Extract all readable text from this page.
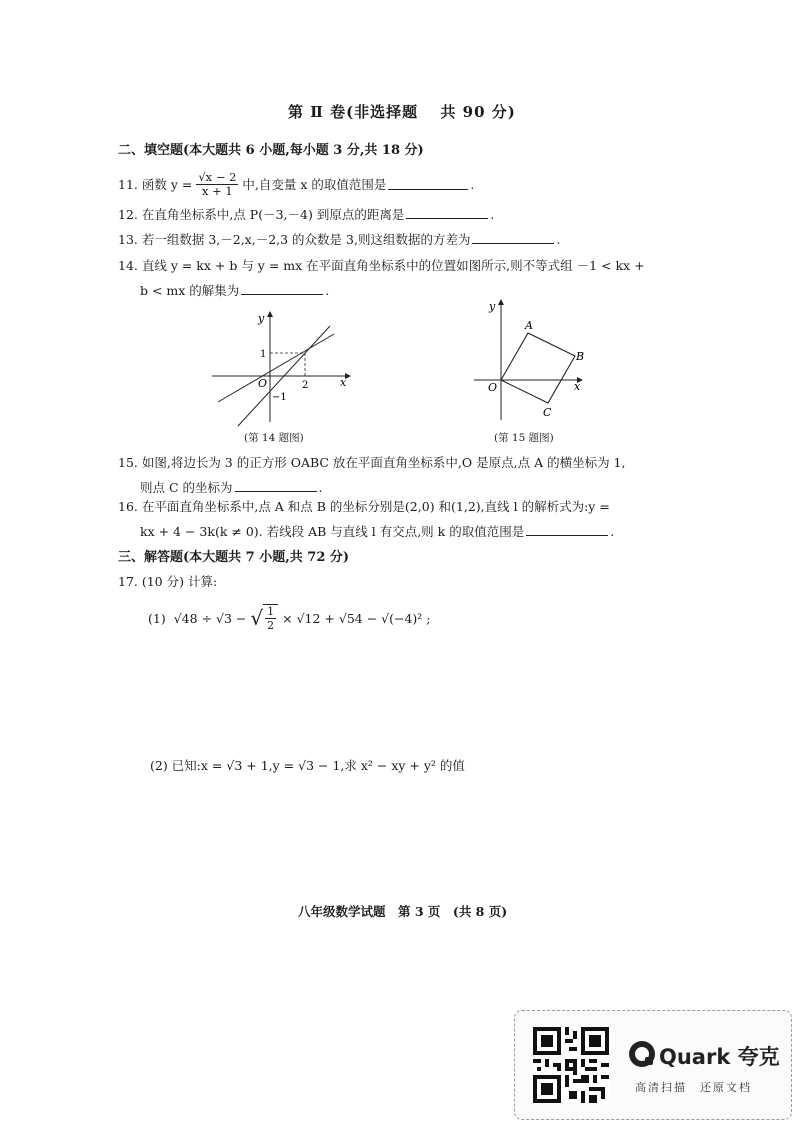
第 Ⅱ 卷(非选择题　 共 90 分)
二、填空题(本大题共 6 小题,每小题 3 分,共 18 分)
11. 函数 $y = \frac{√x - 2}{x + 1}$ 中,自变量 x 的取值范围是	.
12. 在直角坐标系中,点 P(－3,－4) 到原点的距离是	.
13. 若一组数据 3,－2,x,－2,3 的众数是 3,则这组数据的方差为	.
14. 直线 y = kx + b 与 y = mx 在平面直角坐标系中的位置如图所示,则不等式组 －1 < kx +
b < mx 的解集为	.
y
x
O
1
2
−1
(第 14 题图)
y
x
O
A
B
C
(第 15 题图)
15. 如图,将边长为 3 的正方形 OABC 放在平面直角坐标系中,O 是原点,点 A 的横坐标为 1,
则点 C 的坐标为	.
16. 在平面直角坐标系中,点 A 和点 B 的坐标分别是(2,0) 和(1,2),直线 l 的解析式为:y =
kx + 4 − 3k(k ≠ 0). 若线段 AB 与直线 l 有交点,则 k 的取值范围是	.
三、解答题(本大题共 7 小题,共 72 分)
17. (10 分) 计算:
(1) √48 ÷ √3 − √ $\frac{1}{2} \times √12 + √54 - √(-4)^2$ ;
(2) 已知:x = √3 + 1,y = √3 − 1,求 x² − xy + y² 的值
八年级数学试题　第 3 页　(共 8 页)
Quark 夸克
高清扫描　还原文档
